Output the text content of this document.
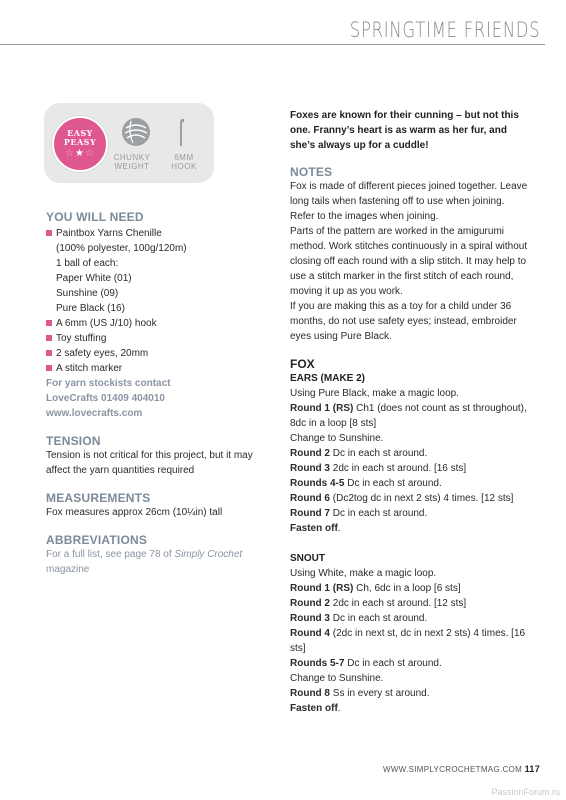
SPRINGTIME FRIENDS
EASY
PEASY
☆★☆	CHUNKY
WEIGHT
6MM
HOOK
YOU WILL NEED
Paintbox Yarns Chenille
(100% polyester, 100g/120m)
1 ball of each:
Paper White (01)
Sunshine (09)
Pure Black (16)
A 6mm (US J/10) hook
Toy stuffing
2 safety eyes, 20mm
A stitch marker
For yarn stockists contact
LoveCrafts 01409 404010
www.lovecrafts.com
TENSION
Tension is not critical for this project, but it may affect the yarn quantities required
MEASUREMENTS
Fox measures approx 26cm (10¼in) tall
ABBREVIATIONS
For a full list, see page 78 of Simply Crochet
magazine
Foxes are known for their cunning – but not this one. Franny’s heart is as warm as her fur, and she’s always up for a cuddle!
NOTES
Fox is made of different pieces joined together. Leave long tails when fastening off to use when joining. Refer to the images when joining.
Parts of the pattern are worked in the amigurumi method. Work stitches continuously in a spiral without closing off each round with a slip stitch. It may help to use a stitch marker in the first stitch of each round, moving it up as you work.
If you are making this as a toy for a child under 36 months, do not use safety eyes; instead, embroider eyes using Pure Black.
FOX
EARS (MAKE 2)
Using Pure Black, make a magic loop.
Round 1 (RS) Ch1 (does not count as st throughout), 8dc in a loop [8 sts]
Change to Sunshine.
Round 2 Dc in each st around.
Round 3 2dc in each st around. [16 sts]
Rounds 4-5 Dc in each st around.
Round 6 (Dc2tog dc in next 2 sts) 4 times. [12 sts]
Round 7 Dc in each st around.
Fasten off.
SNOUT
Using White, make a magic loop.
Round 1 (RS) Ch, 6dc in a loop [6 sts]
Round 2 2dc in each st around. [12 sts]
Round 3 Dc in each st around.
Round 4 (2dc in next st, dc in next 2 sts) 4 times. [16 sts]
Rounds 5-7 Dc in each st around.
Change to Sunshine.
Round 8 Ss in every st around.
Fasten off.
WWW.SIMPLYCROCHETMAG.COM 117
PassionForum.ru
